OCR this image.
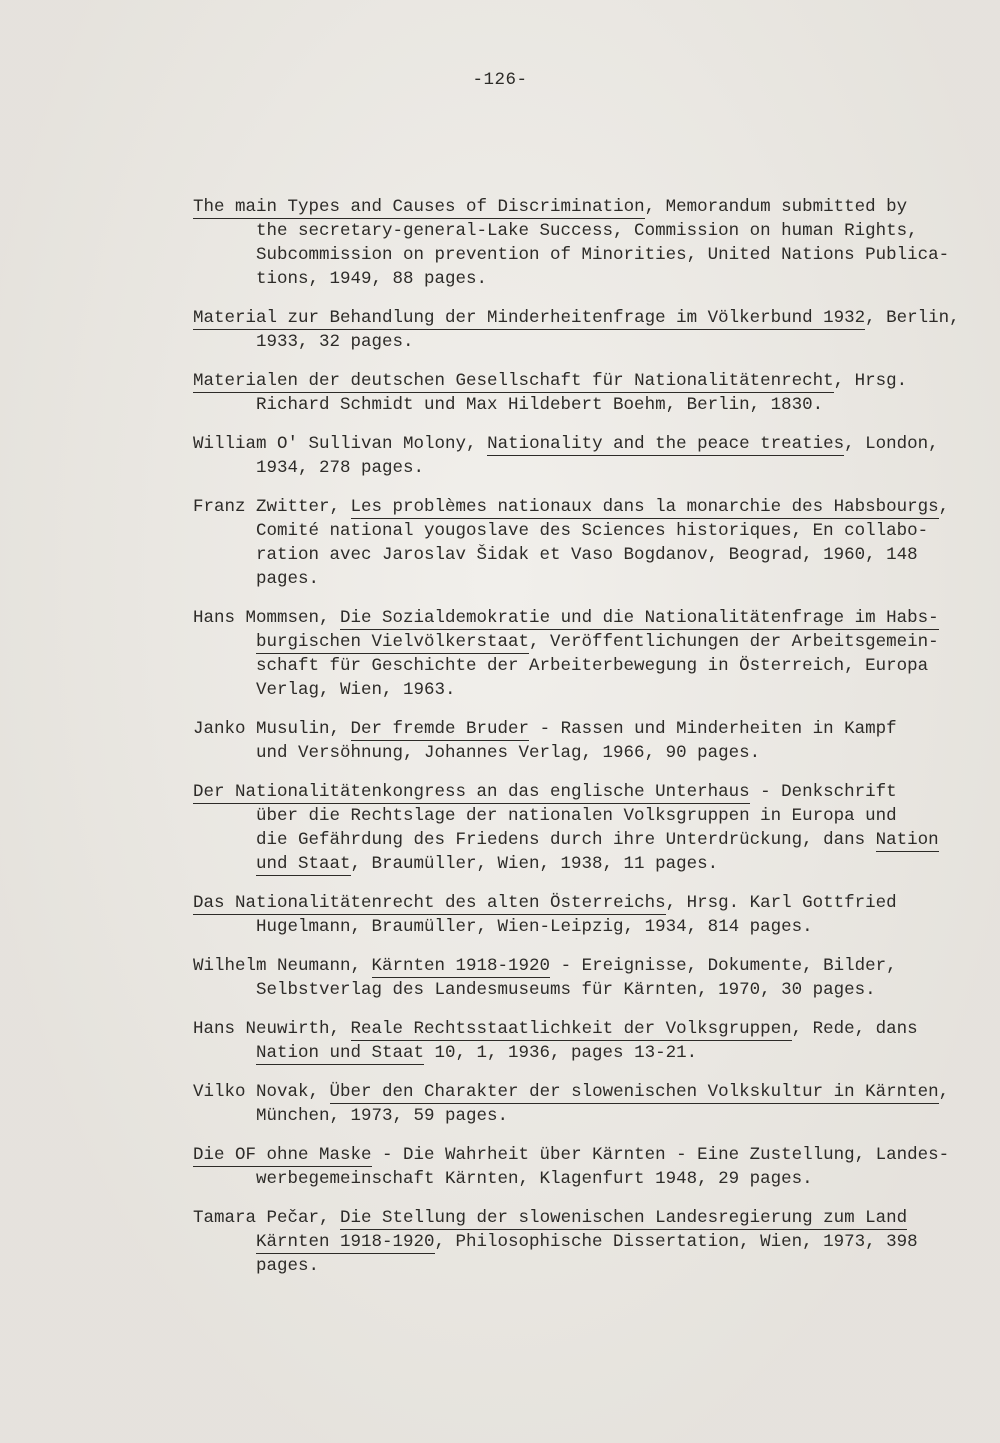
-126-
The main Types and Causes of Discrimination, Memorandum submitted by
the secretary-general-Lake Success, Commission on human Rights,
Subcommission on prevention of Minorities, United Nations Publica-
tions, 1949, 88 pages.
Material zur Behandlung der Minderheitenfrage im Völkerbund 1932, Berlin,
1933, 32 pages.
Materialen der deutschen Gesellschaft für Nationalitätenrecht, Hrsg.
Richard Schmidt und Max Hildebert Boehm, Berlin, 1830.
William O' Sullivan Molony, Nationality and the peace treaties, London,
1934, 278 pages.
Franz Zwitter, Les problèmes nationaux dans la monarchie des Habsbourgs,
Comité national yougoslave des Sciences historiques, En collabo-
ration avec Jaroslav Šidak et Vaso Bogdanov, Beograd, 1960, 148
pages.
Hans Mommsen, Die Sozialdemokratie und die Nationalitätenfrage im Habs-
burgischen Vielvölkerstaat, Veröffentlichungen der Arbeitsgemein-
schaft für Geschichte der Arbeiterbewegung in Österreich, Europa
Verlag, Wien, 1963.
Janko Musulin, Der fremde Bruder - Rassen und Minderheiten in Kampf
und Versöhnung, Johannes Verlag, 1966, 90 pages.
Der Nationalitätenkongress an das englische Unterhaus - Denkschrift
über die Rechtslage der nationalen Volksgruppen in Europa und
die Gefährdung des Friedens durch ihre Unterdrückung, dans Nation
und Staat, Braumüller, Wien, 1938, 11 pages.
Das Nationalitätenrecht des alten Österreichs, Hrsg. Karl Gottfried
Hugelmann, Braumüller, Wien-Leipzig, 1934, 814 pages.
Wilhelm Neumann, Kärnten 1918-1920 - Ereignisse, Dokumente, Bilder,
Selbstverlag des Landesmuseums für Kärnten, 1970, 30 pages.
Hans Neuwirth, Reale Rechtsstaatlichkeit der Volksgruppen, Rede, dans
Nation und Staat 10, 1, 1936, pages 13-21.
Vilko Novak, Über den Charakter der slowenischen Volkskultur in Kärnten,
München, 1973, 59 pages.
Die OF ohne Maske - Die Wahrheit über Kärnten - Eine Zustellung, Landes-
werbegemeinschaft Kärnten, Klagenfurt 1948, 29 pages.
Tamara Pečar, Die Stellung der slowenischen Landesregierung zum Land
Kärnten 1918-1920, Philosophische Dissertation, Wien, 1973, 398
pages.
